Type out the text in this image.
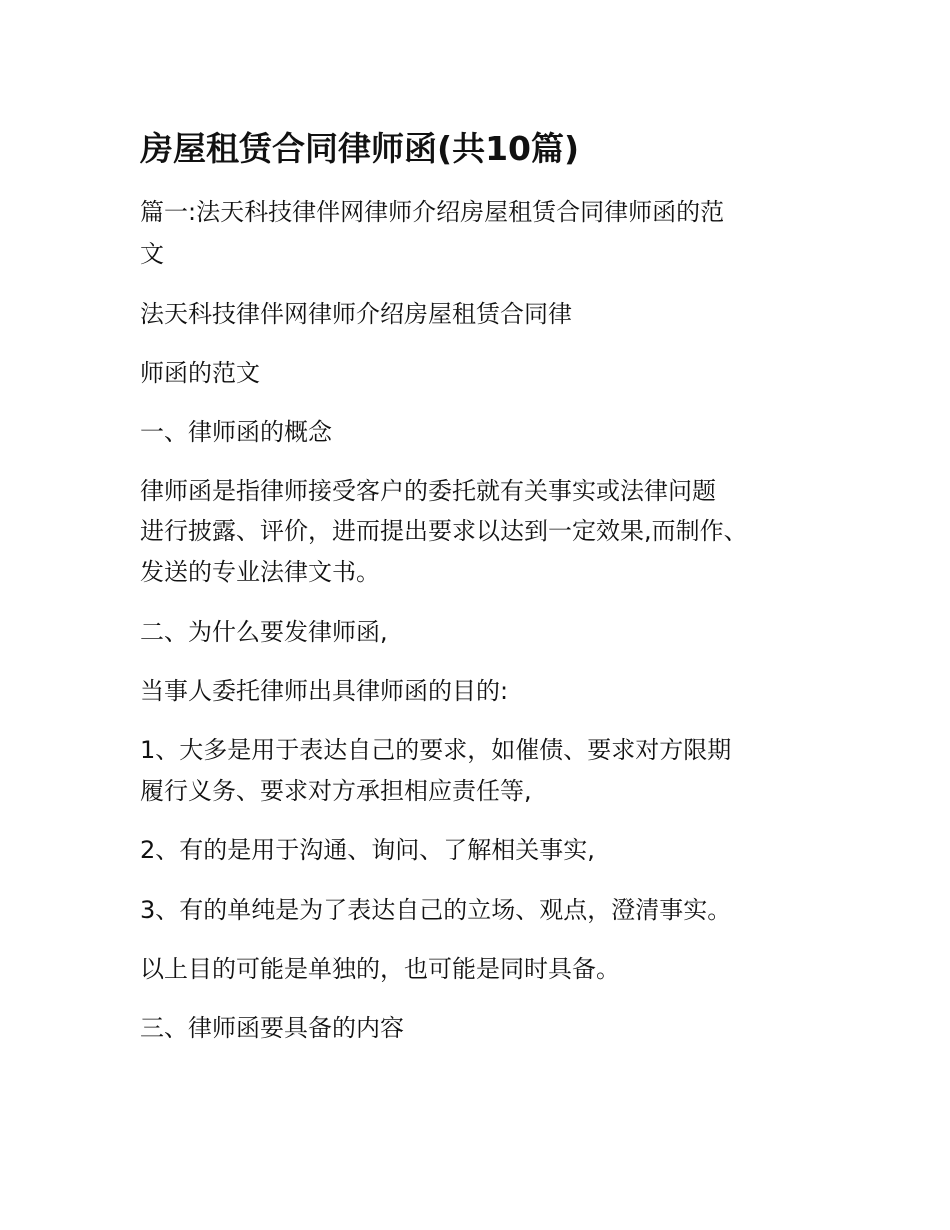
房屋租赁合同律师函(共10篇)

篇一:法天科技律伴网律师介绍房屋租赁合同律师函的范

文

法天科技律伴网律师介绍房屋租赁合同律

师函的范文

一、律师函的概念

律师函是指律师接受客户的委托就有关事实或法律问题

进行披露、评价，进而提出要求以达到一定效果,而制作、

发送的专业法律文书。

二、为什么要发律师函,

当事人委托律师出具律师函的目的:

1、大多是用于表达自己的要求，如催债、要求对方限期

履行义务、要求对方承担相应责任等,

2、有的是用于沟通、询问、了解相关事实,

3、有的单纯是为了表达自己的立场、观点，澄清事实。

以上目的可能是单独的，也可能是同时具备。

三、律师函要具备的内容
